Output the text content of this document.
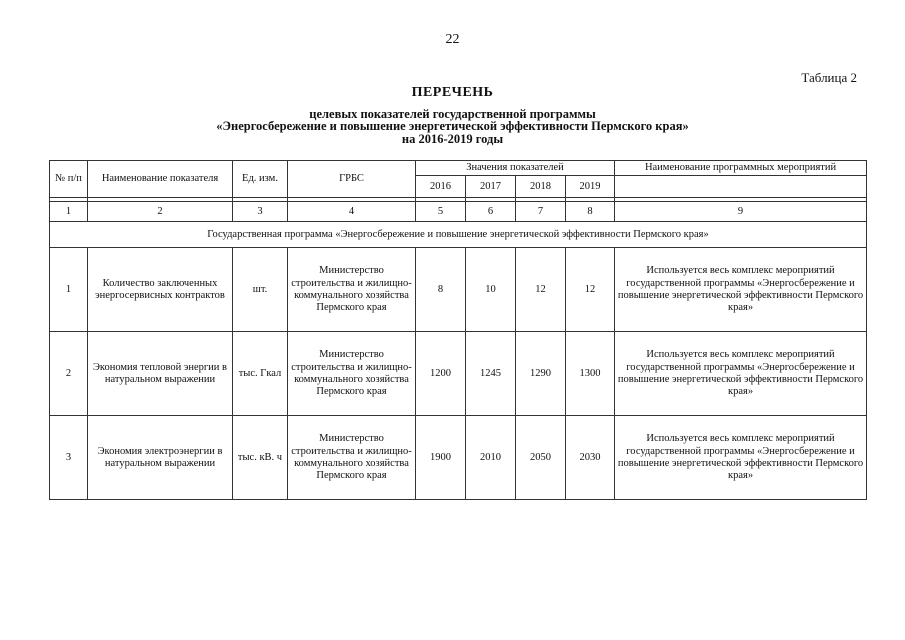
22
Таблица 2
ПЕРЕЧЕНЬ
целевых показателей государственной программы
«Энергосбережение и повышение энергетической эффективности Пермского края»
на 2016-2019 годы
№ п/п	Наименование показателя	Ед. изм.	ГРБС	Значения показателей				Наименование программных мероприятий
				2016	2017	2018	2019	

1	2	3	4	5	6	7	8	9
Государственная программа «Энергосбережение и повышение энергетической эффективности Пермского края»								
1	Количество заключенных энергосервисных контрактов	шт.	Министерство строительства и жилищно-коммунального хозяйства Пермского края	8	10	12	12	Используется весь комплекс мероприятий государственной программы «Энергосбережение и повышение энергетической эффективности Пермского края»
2	Экономия тепловой энергии в натуральном выражении	тыс. Гкал	Министерство строительства и жилищно-коммунального хозяйства Пермского края	1200	1245	1290	1300	Используется весь комплекс мероприятий государственной программы «Энергосбережение и повышение энергетической эффективности Пермского края»
3	Экономия электроэнергии в натуральном выражении	тыс. кВ. ч	Министерство строительства и жилищно-коммунального хозяйства Пермского края	1900	2010	2050	2030	Используется весь комплекс мероприятий государственной программы «Энергосбережение и повышение энергетической эффективности Пермского края»
